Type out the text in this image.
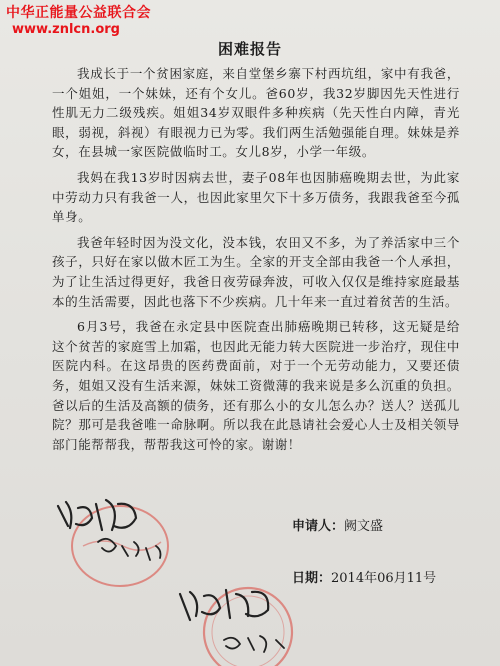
中华正能量公益联合会
www.znlcn.org
困难报告

我成长于一个贫困家庭，来自堂堡乡寨下村西坑组，家中有我爸，一个姐姐，一个妹妹，还有个女儿。爸60岁，我32岁脚因先天性进行性肌无力二级残疾。姐姐34岁双眼件多种疾病（先天性白内障，青光眼，弱视，斜视）有眼视力已为零。我们两生活勉强能自理。妹妹是养女，在县城一家医院做临时工。女儿8岁，小学一年级。

我妈在我13岁时因病去世，妻子08年也因肺癌晚期去世，为此家中劳动力只有我爸一人，也因此家里欠下十多万债务，我跟我爸至今孤单身。

我爸年轻时因为没文化，没本钱，农田又不多，为了养活家中三个孩子，只好在家以做木匠工为生。全家的开支全部由我爸一个人承担，为了让生活过得更好，我爸日夜劳碌奔波，可收入仅仅是维持家庭最基本的生活需要，因此也落下不少疾病。几十年来一直过着贫苦的生活。

6月3号，我爸在永定县中医院查出肺癌晚期已转移，这无疑是给这个贫苦的家庭雪上加霜，也因此无能力转大医院进一步治疗，现住中医院内科。在这昂贵的医药费面前，对于一个无劳动能力，又要还债务，姐姐又没有生活来源，妹妹工资微薄的我来说是多么沉重的负担。爸以后的生活及高额的债务，还有那么小的女儿怎么办？送人？送孤儿院？那可是我爸唯一命脉啊。所以我在此恳请社会爱心人士及相关领导部门能帮帮我，帮帮我这可怜的家。谢谢！

申请人：阙文盛
日期：2014年06月11号
